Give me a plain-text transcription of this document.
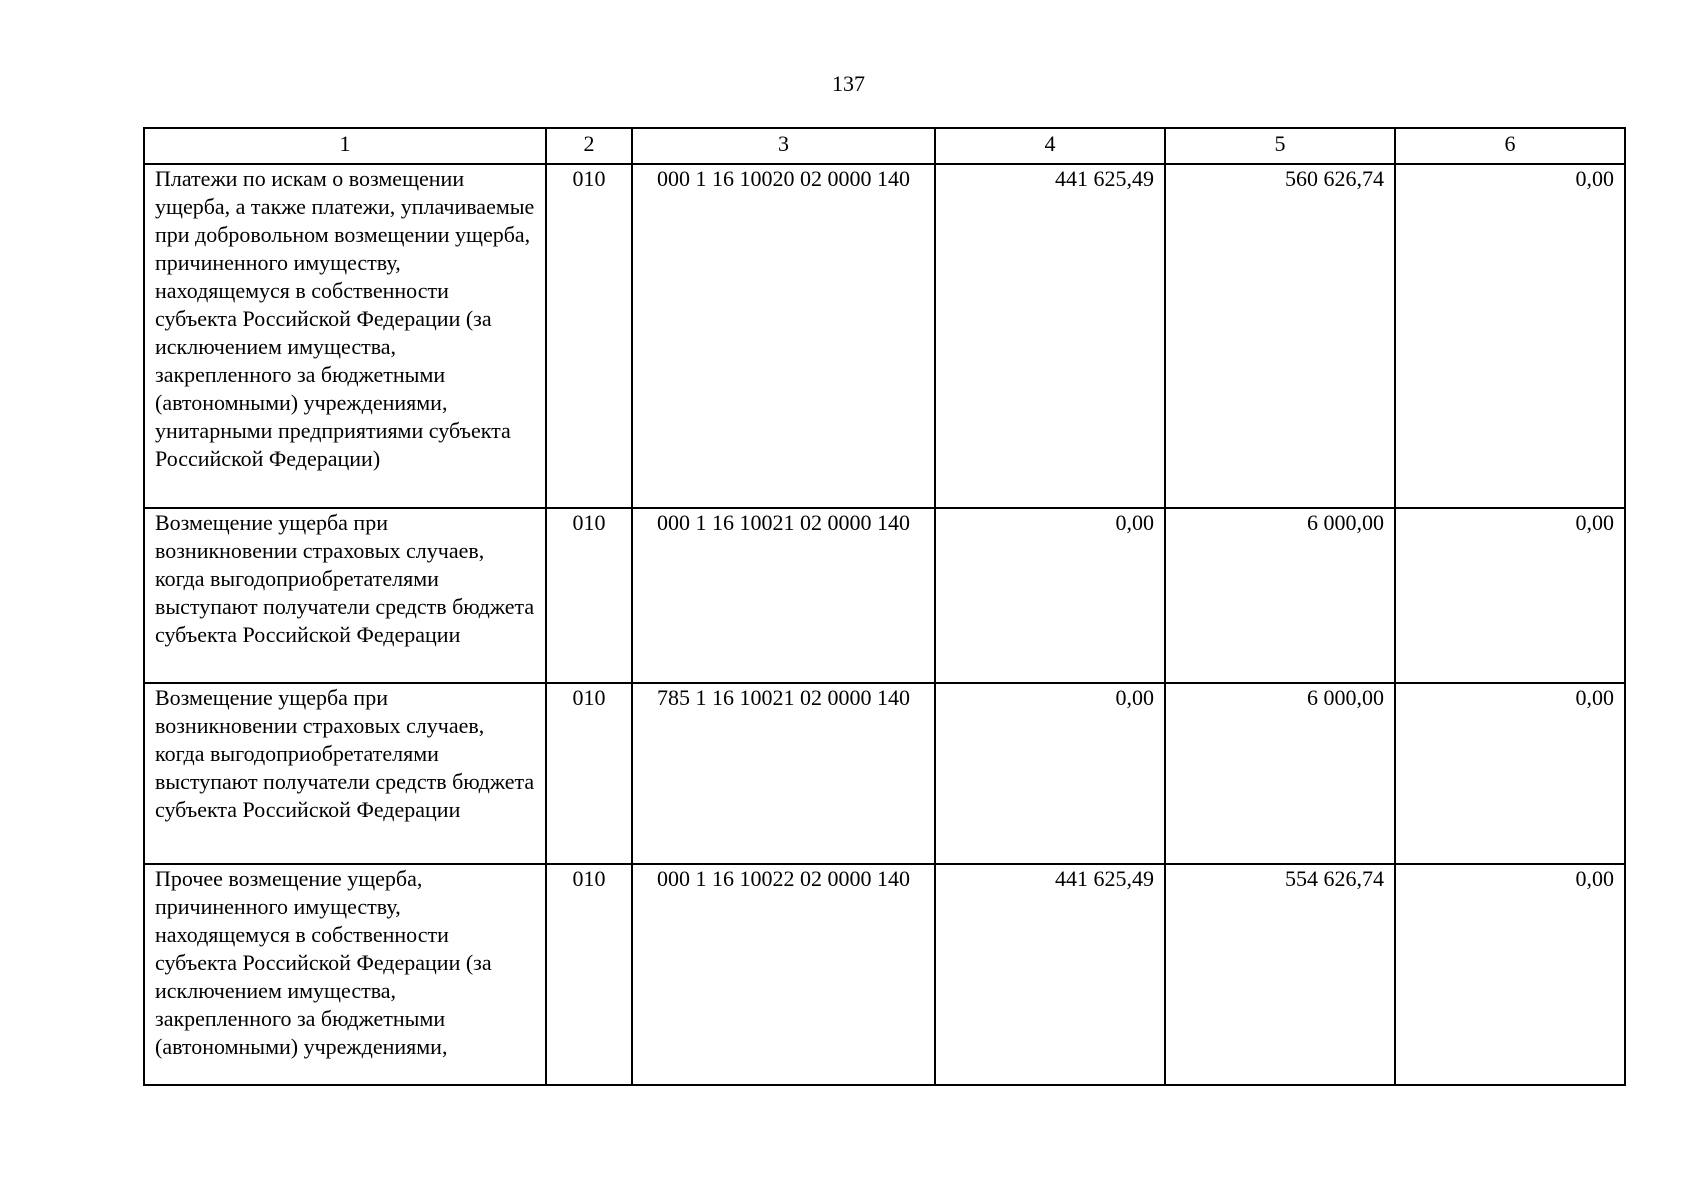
137
1	2	3	4	5	6
Платежи по искам о возмещении ущерба, а также платежи, уплачиваемые при добровольном возмещении ущерба, причиненного имуществу, находящемуся в собственности субъекта Российской Федерации (за исключением имущества, закрепленного за бюджетными (автономными) учреждениями, унитарными предприятиями субъекта Российской Федерации)	010	000 1 16 10020 02 0000 140	441 625,49	560 626,74	0,00
Возмещение ущерба при возникновении страховых случаев, когда выгодоприобретателями выступают получатели средств бюджета субъекта Российской Федерации	010	000 1 16 10021 02 0000 140	0,00	6 000,00	0,00
Возмещение ущерба при возникновении страховых случаев, когда выгодоприобретателями выступают получатели средств бюджета субъекта Российской Федерации	010	785 1 16 10021 02 0000 140	0,00	6 000,00	0,00
Прочее возмещение ущерба, причиненного имуществу, находящемуся в собственности субъекта Российской Федерации (за исключением имущества, закрепленного за бюджетными (автономными) учреждениями,	010	000 1 16 10022 02 0000 140	441 625,49	554 626,74	0,00
